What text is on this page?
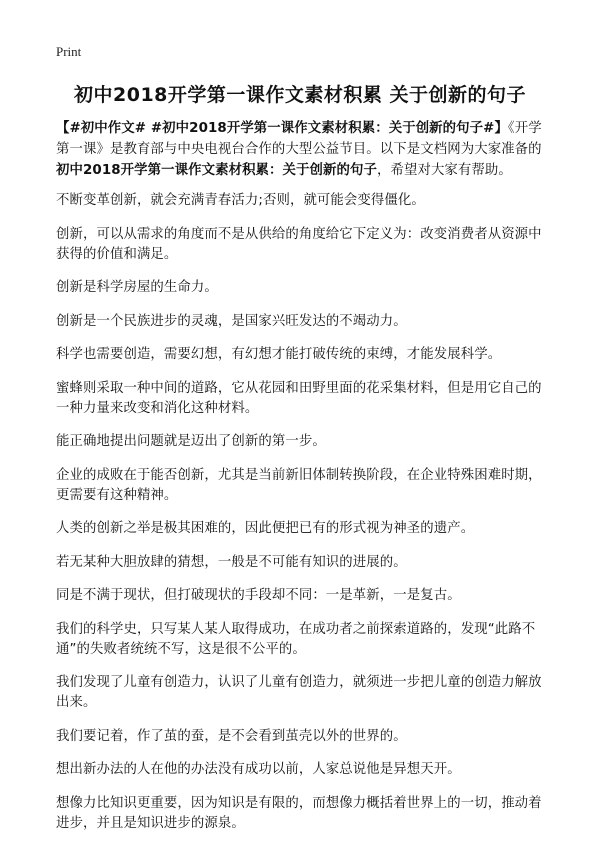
Print
初中2018开学第一课作文素材积累 关于创新的句子

【#初中作文# #初中2018开学第一课作文素材积累：关于创新的句子#】《开学第一课》是教育部与中央电视台合作的大型公益节目。以下是文档网为大家准备的初中2018开学第一课作文素材积累：关于创新的句子，希望对大家有帮助。

不断变革创新，就会充满青春活力;否则，就可能会变得僵化。

创新，可以从需求的角度而不是从供给的角度给它下定义为：改变消费者从资源中获得的价值和满足。

创新是科学房屋的生命力。

创新是一个民族进步的灵魂，是国家兴旺发达的不竭动力。

科学也需要创造，需要幻想，有幻想才能打破传统的束缚，才能发展科学。

蜜蜂则采取一种中间的道路，它从花园和田野里面的花采集材料，但是用它自己的一种力量来改变和消化这种材料。

能正确地提出问题就是迈出了创新的第一步。

企业的成败在于能否创新，尤其是当前新旧体制转换阶段，在企业特殊困难时期，更需要有这种精神。

人类的创新之举是极其困难的，因此便把已有的形式视为神圣的遗产。

若无某种大胆放肆的猜想，一般是不可能有知识的进展的。

同是不满于现状，但打破现状的手段却不同：一是革新，一是复古。

我们的科学史，只写某人某人取得成功，在成功者之前探索道路的，发现“此路不通”的失败者统统不写，这是很不公平的。

我们发现了儿童有创造力，认识了儿童有创造力，就须进一步把儿童的创造力解放出来。

我们要记着，作了茧的蚕，是不会看到茧壳以外的世界的。

想出新办法的人在他的办法没有成功以前，人家总说他是异想天开。

想像力比知识更重要，因为知识是有限的，而想像力概括着世界上的一切，推动着进步，并且是知识进步的源泉。
